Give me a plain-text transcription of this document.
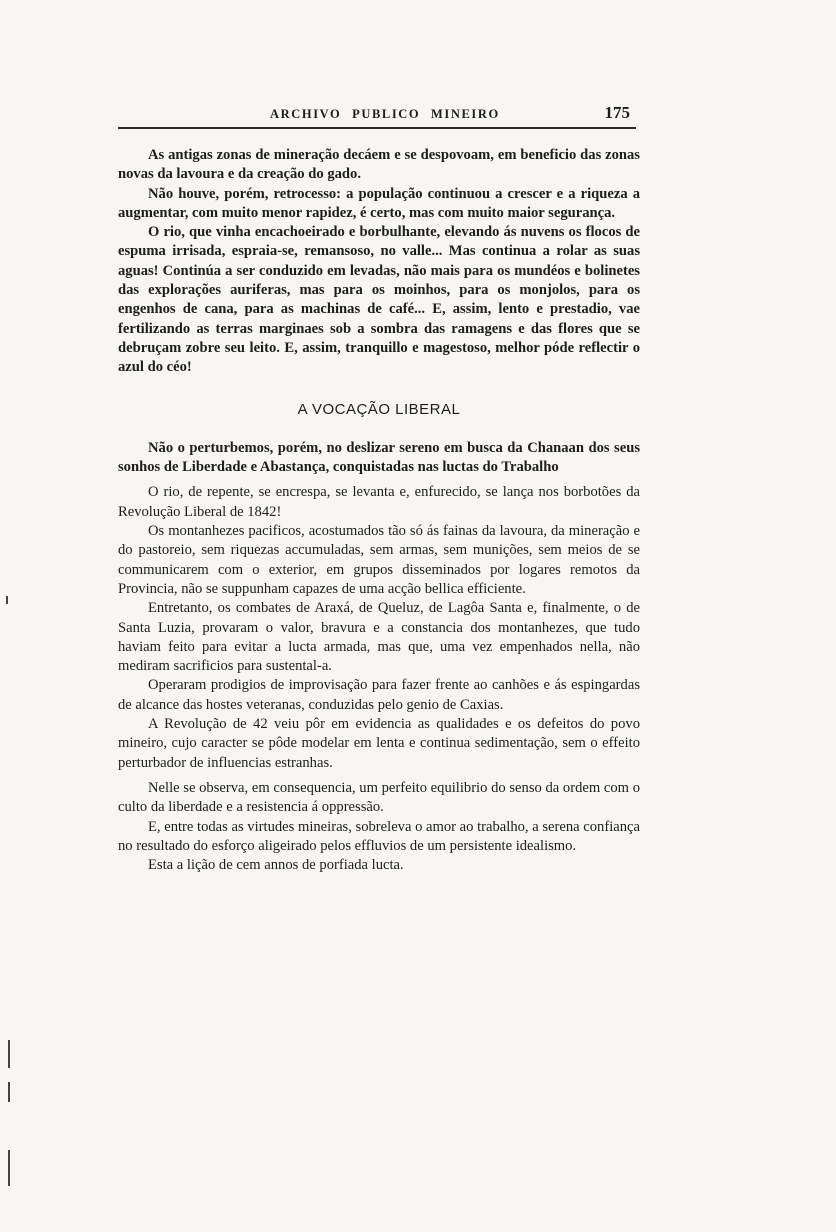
ARCHIVO PUBLICO MINEIRO	175

As antigas zonas de mineração decáem e se despovoam, em beneficio das zonas novas da lavoura e da creação do gado.

Não houve, porém, retrocesso: a população continuou a crescer e a riqueza a augmentar, com muito menor rapidez, é certo, mas com muito maior segurança.

O rio, que vinha encachoeirado e borbulhante, elevando ás nuvens os flocos de espuma irrisada, espraia-se, remansoso, no valle... Mas continua a rolar as suas aguas! Continúa a ser conduzido em levadas, não mais para os mundéos e bolinetes das explorações auriferas, mas para os moinhos, para os monjolos, para os engenhos de cana, para as machinas de café... E, assim, lento e prestadio, vae fertilizando as terras marginaes sob a sombra das ramagens e das flores que se debruçam zobre seu leito. E, assim, tranquillo e magestoso, melhor póde reflectir o azul do céo!

A VOCAÇÃO LIBERAL

Não o perturbemos, porém, no deslizar sereno em busca da Chanaan dos seus sonhos de Liberdade e Abastança, conquistadas nas luctas do Trabalho

O rio, de repente, se encrespa, se levanta e, enfurecido, se lança nos borbotões da Revolução Liberal de 1842!

Os montanhezes pacificos, acostumados tão só ás fainas da lavoura, da mineração e do pastoreio, sem riquezas accumuladas, sem armas, sem munições, sem meios de se communicarem com o exterior, em grupos disseminados por logares remotos da Provincia, não se suppunham capazes de uma acção bellica efficiente.

Entretanto, os combates de Araxá, de Queluz, de Lagôa Santa e, finalmente, o de Santa Luzia, provaram o valor, bravura e a constancia dos montanhezes, que tudo haviam feito para evitar a lucta armada, mas que, uma vez empenhados nella, não mediram sacrificios para sustental-a.

Operaram prodigios de improvisação para fazer frente ao canhões e ás espingardas de alcance das hostes veteranas, conduzidas pelo genio de Caxias.

A Revolução de 42 veiu pôr em evidencia as qualidades e os defeitos do povo mineiro, cujo caracter se pôde modelar em lenta e continua sedimentação, sem o effeito perturbador de influencias estranhas.

Nelle se observa, em consequencia, um perfeito equilibrio do senso da ordem com o culto da liberdade e a resistencia á oppressão.

E, entre todas as virtudes mineiras, sobreleva o amor ao trabalho, a serena confiança no resultado do esforço aligeirado pelos effluvios de um persistente idealismo.

Esta a lição de cem annos de porfiada lucta.
